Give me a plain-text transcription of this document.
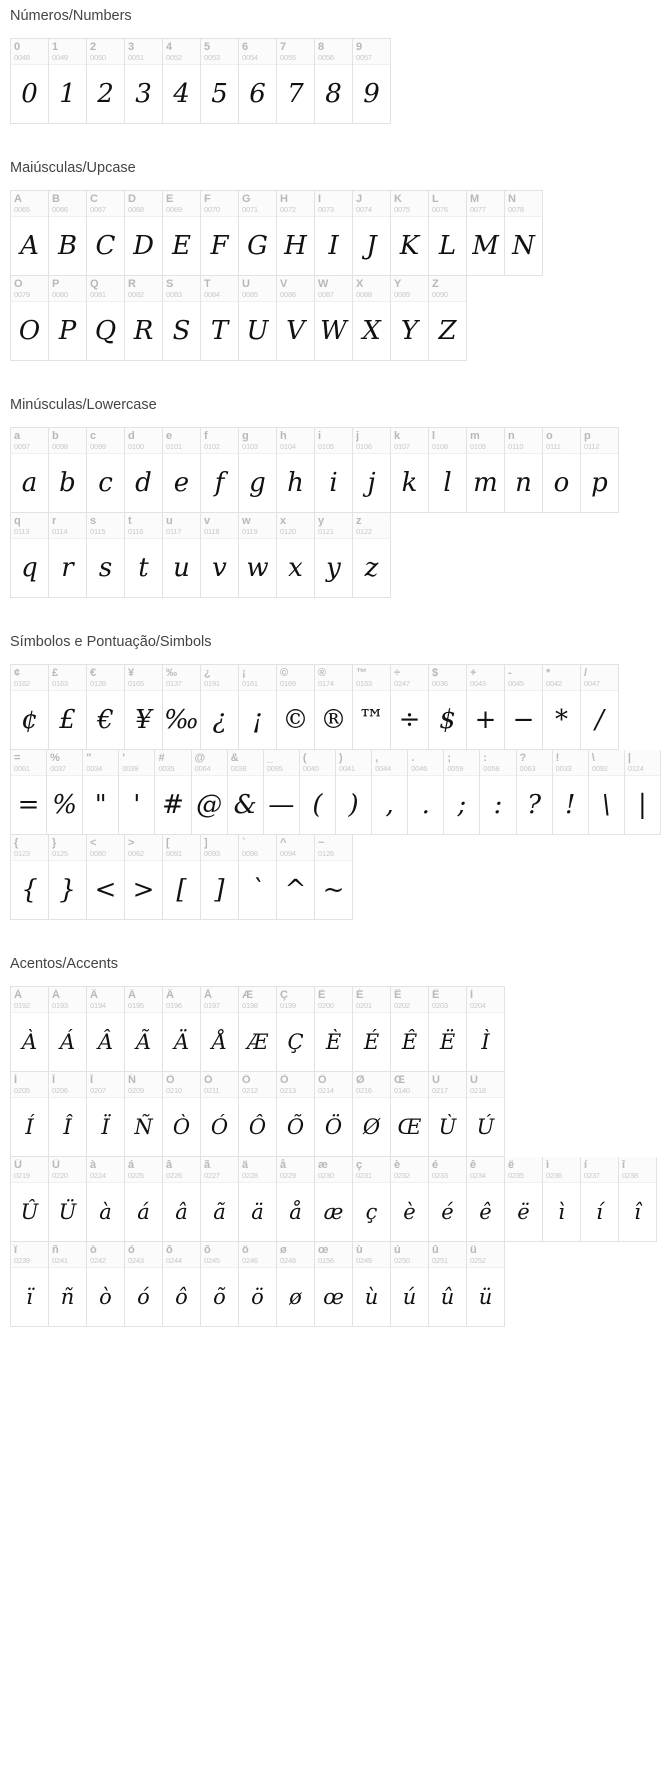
Números/Numbers
0
0048
0
1
0049
1
2
0050
2
3
0051
3
4
0052
4
5
0053
5
6
0054
6
7
0055
7
8
0056
8
9
0057
9
Maiúsculas/Upcase
A
0065
A
B
0066
B
C
0067
C
D
0068
D
E
0069
E
F
0070
F
G
0071
G
H
0072
H
I
0073
I
J
0074
J
K
0075
K
L
0076
L
M
0077
M
N
0078
N
O
0079
O
P
0080
P
Q
0081
Q
R
0082
R
S
0083
S
T
0084
T
U
0085
U
V
0086
V
W
0087
W
X
0088
X
Y
0089
Y
Z
0090
Z
Minúsculas/Lowercase
a
0097
a
b
0098
b
c
0099
c
d
0100
d
e
0101
e
f
0102
f
g
0103
g
h
0104
h
i
0105
i
j
0106
j
k
0107
k
l
0108
l
m
0109
m
n
0110
n
o
0111
o
p
0112
p
q
0113
q
r
0114
r
s
0115
s
t
0116
t
u
0117
u
v
0118
v
w
0119
w
x
0120
x
y
0121
y
z
0122
z
Símbolos e Pontuação/Simbols
¢
0162
¢
£
0163
£
€
0128
€
¥
0165
¥
‰
0137
‰
¿
0191
¿
¡
0161
¡
©
0169
©
®
0174
®
™
0153
™
÷
0247
÷
$
0036
$
+
0043
+
-
0045
−
*
0042
*
/
0047
/
=
0061
=
%
0037
%
"
0034
"
'
0039
'
#
0035
#
@
0064
@
&
0038
&
_
0095
—
(
0040
(
)
0041
)
,
0044
,
.
0046
.
;
0059
;
:
0058
:
?
0063
?
!
0033
!
\
0092
\
|
0124
|
{
0123
{
}
0125
}
<
0060
<
>
0062
>
[
0091
[
]
0093
]
`
0096
`
^
0094
^
~
0126
~
Acentos/Accents
À
0192
À
Á
0193
Á
Â
0194
Â
Ã
0195
Ã
Ä
0196
Ä
Å
0197
Å
Æ
0198
Æ
Ç
0199
Ç
È
0200
È
É
0201
É
Ê
0202
Ê
Ë
0203
Ë
Ì
0204
Ì
Í
0205
Í
Î
0206
Î
Ï
0207
Ï
Ñ
0209
Ñ
Ò
0210
Ò
Ó
0211
Ó
Ô
0212
Ô
Õ
0213
Õ
Ö
0214
Ö
Ø
0216
Ø
Œ
0140
Œ
Ù
0217
Ù
Ú
0218
Ú
Û
0219
Û
Ü
0220
Ü
à
0224
à
á
0225
á
â
0226
â
ã
0227
ã
ä
0228
ä
å
0229
å
æ
0230
æ
ç
0231
ç
è
0232
è
é
0233
é
ê
0234
ê
ë
0235
ë
ì
0236
ì
í
0237
í
î
0238
î
ï
0239
ï
ñ
0241
ñ
ò
0242
ò
ó
0243
ó
ô
0244
ô
õ
0245
õ
ö
0246
ö
ø
0248
ø
œ
0156
œ
ù
0249
ù
ú
0250
ú
û
0251
û
ü
0252
ü
